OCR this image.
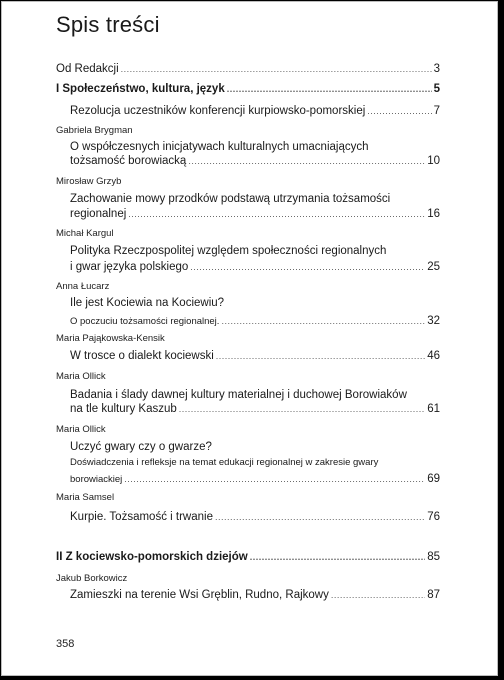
Spis treści
Od Redakcji .....	3
I Społeczeństwo, kultura, język .....	5
Rezolucja uczestników konferencji kurpiowsko-pomorskiej .....	7
Gabriela Brygman
O współczesnych inicjatywach kulturalnych umacniających
tożsamość borowiacką .....	10
Mirosław Grzyb
Zachowanie mowy przodków podstawą utrzymania tożsamości
regionalnej .....	16
Michał Kargul
Polityka Rzeczpospolitej względem społeczności regionalnych
i gwar języka polskiego .....	25
Anna Łucarz
Ile jest Kociewia na Kociewiu?
O poczuciu tożsamości regionalnej. .....	32
Maria Pająkowska-Kensik
W trosce o dialekt kociewski .....	46
Maria Ollick
Badania i ślady dawnej kultury materialnej i duchowej Borowiaków
na tle kultury Kaszub .....	61
Maria Ollick
Uczyć gwary czy o gwarze?
Doświadczenia i refleksje na temat edukacji regionalnej w zakresie gwary
borowiackiej .....	69
Maria Samsel
Kurpie. Tożsamość i trwanie .....	76
II Z kociewsko-pomorskich dziejów .....	85
Jakub Borkowicz
Zamieszki na terenie Wsi Gręblin, Rudno, Rajkowy .....	87
358
